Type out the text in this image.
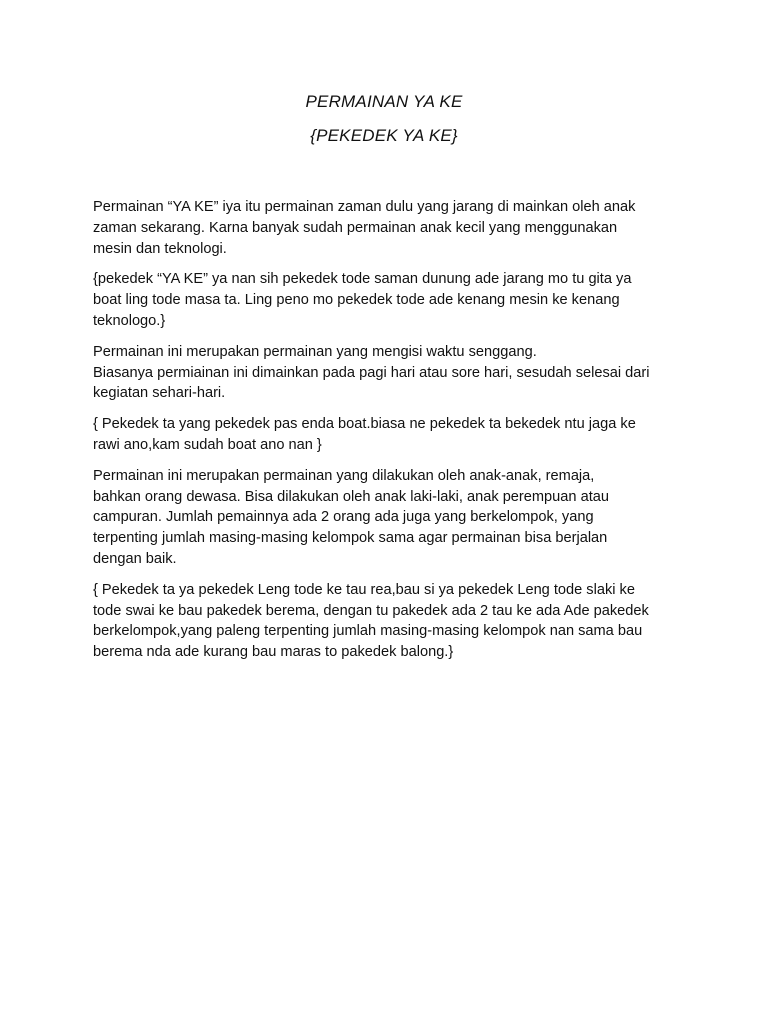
PERMAINAN YA KE
{PEKEDEK YA KE}

Permainan “YA KE” iya itu permainan zaman dulu yang jarang di mainkan oleh anak
zaman sekarang. Karna banyak sudah permainan anak kecil yang menggunakan
mesin dan teknologi.

{pekedek “YA KE” ya nan sih pekedek tode saman dunung ade jarang mo tu gita ya
boat ling tode masa ta. Ling peno mo pekedek tode ade kenang mesin ke kenang
teknologo.}

Permainan ini merupakan permainan yang mengisi waktu senggang.
Biasanya permiainan ini dimainkan pada pagi hari atau sore hari, sesudah selesai dari
kegiatan sehari-hari.

{ Pekedek ta yang pekedek pas enda boat.biasa ne pekedek ta bekedek ntu jaga ke
rawi ano,kam sudah boat ano nan }

Permainan ini merupakan permainan yang dilakukan oleh anak-anak, remaja,
bahkan orang dewasa. Bisa dilakukan oleh anak laki-laki, anak perempuan atau
campuran. Jumlah pemainnya ada 2 orang ada juga yang berkelompok, yang
terpenting jumlah masing-masing kelompok sama agar permainan bisa berjalan
dengan baik.

{ Pekedek ta ya pekedek Leng tode ke tau rea,bau si ya pekedek Leng tode slaki ke
tode swai ke bau pakedek berema, dengan tu pakedek ada 2 tau ke ada Ade pakedek
berkelompok,yang paleng terpenting jumlah masing-masing kelompok nan sama bau
berema nda ade kurang bau maras to pakedek balong.}
